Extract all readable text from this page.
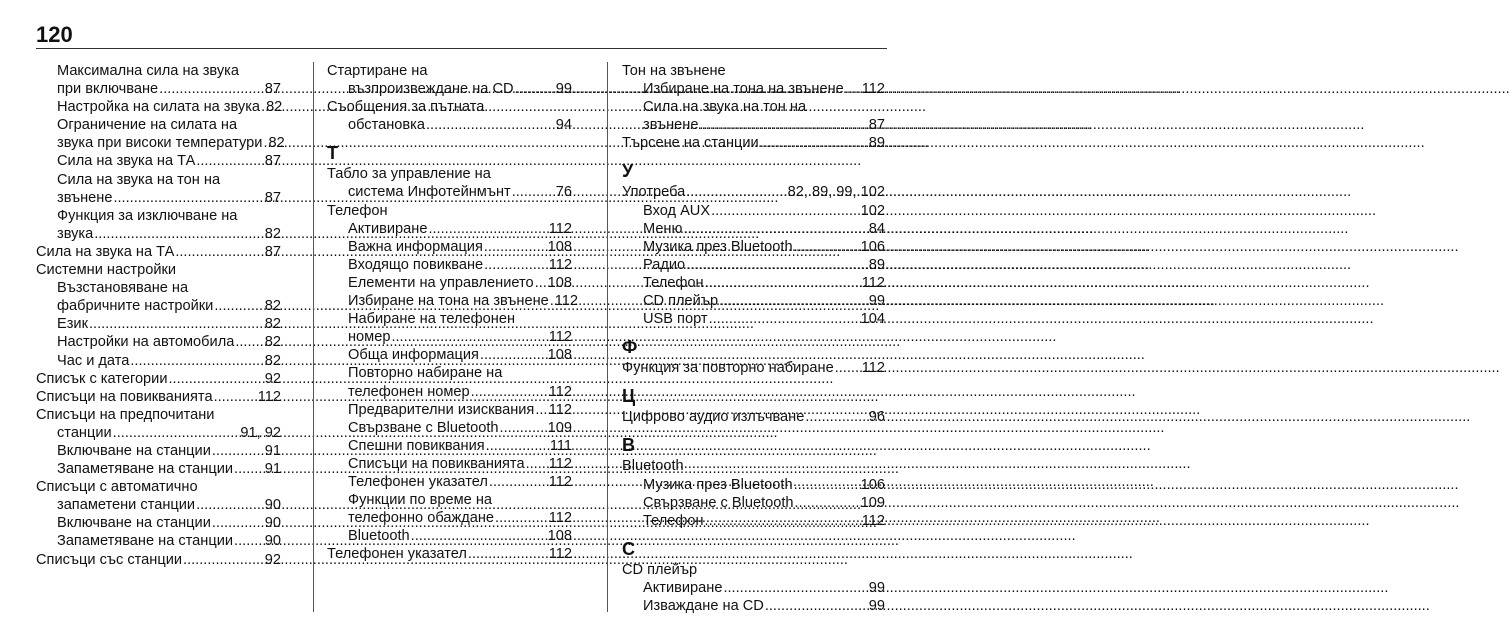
120
Максимална сила на звука
при включване .....	87
Настройка на силата на звука ..... 82
Ограничение на силата на
звука при високи температури ..... 82
Сила на звука на ТА .....	87
Сила на звука на тон на
звънене .....	87
Функция за изключване на
звука .....	82
Сила на звука на ТА .....	87
Системни настройки
Възстановяване на
фабричните настройки .....	82
Език .....	82
Настройки на автомобила ..... 82
Час и дата .....	82
Списък с категории .....	92
Списъци на повикванията .....	112
Списъци на предпочитани
станции .....	91, 92
Включване на станции .....	91
Запаметяване на станции ..... 91
Списъци с автоматично
запаметени станции .....	90
Включване на станции .....	90
Запаметяване на станции ..... 90
Списъци със станции .....	92
Стартиране на
възпроизвеждане на CD .....	99
Съобщения за пътната
обстановка .....	94
Т
Табло за управление на
система Инфотейнмънт .....	76
Телефон
Активиране .....	112
Важна информация .....	108
Входящо повикване .....	112
Елементи на управлението ..... 108
Избиране на тона на звънене ..... 112
Набиране на телефонен
номер .....	112
Обща информация .....	108
Повторно набиране на
телефонен номер .....	112
Предварителни изисквания ..... 112
Свързване с Bluetooth .....	109
Спешни повиквания .....	111
Списъци на повикванията ..... 112
Телефонен указател .....	112
Функции по време на
телефонно обаждане .....	112
Bluetooth .....	108
Телефонен указател .....	112
Тон на звънене
Избиране на тона на звънене ..... 112
Сила на звука на тон на
звънене .....	87
Търсене на станции .....	89
У
Употреба .....	82, 89, 99, 102
Вход AUX .....	102
Меню .....	84
Музика през Bluetooth .....	106
Радио .....	89
Телефон .....	112
CD плейър .....	99
USB порт .....	104
Ф
Функция за повторно набиране ..... 112
Ц
Цифрово аудио излъчване .....	96
B
Bluetooth
Музика през Bluetooth .....	106
Свързване с Bluetooth .....	109
Телефон .....	112
C
CD плейър
Активиране .....	99
Изваждане на CD .....	99
